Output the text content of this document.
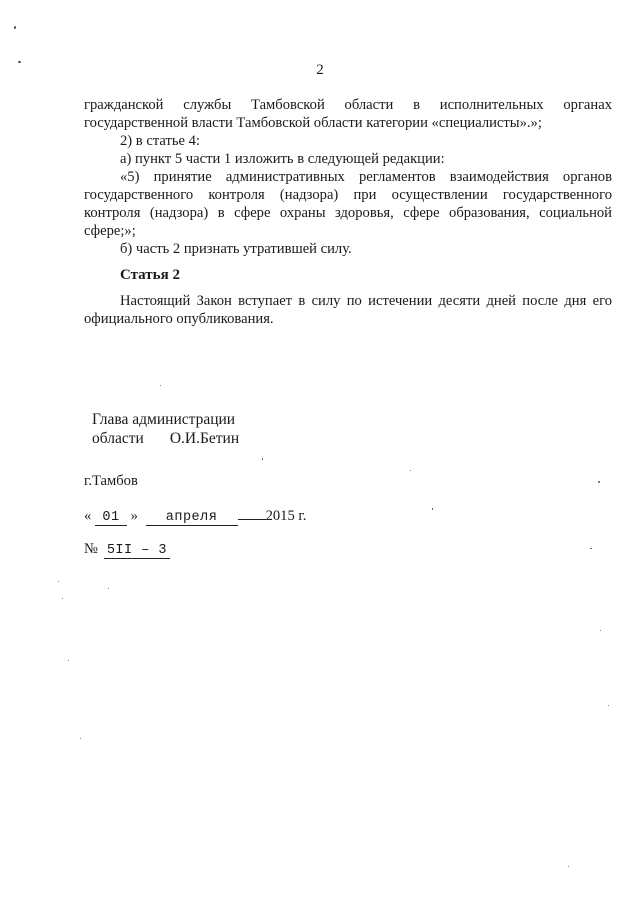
2

гражданской службы Тамбовской области в исполнительных органах государственной власти Тамбовской области категории «специалисты».»;

2) в статье 4:

а) пункт 5 части 1 изложить в следующей редакции:

«5) принятие административных регламентов взаимодействия органов государственного контроля (надзора) при осуществлении государственного контроля (надзора) в сфере охраны здоровья, сфере образования, социальной сфере;»;

б) часть 2 признать утратившей силу.

Статья 2

Настоящий Закон вступает в силу по истечении десяти дней после дня его официального опубликования.

Глава администрации
области О.И.Бетин
г.Тамбов
« 01 » апреля	2015 г.
№ 5II – 3
